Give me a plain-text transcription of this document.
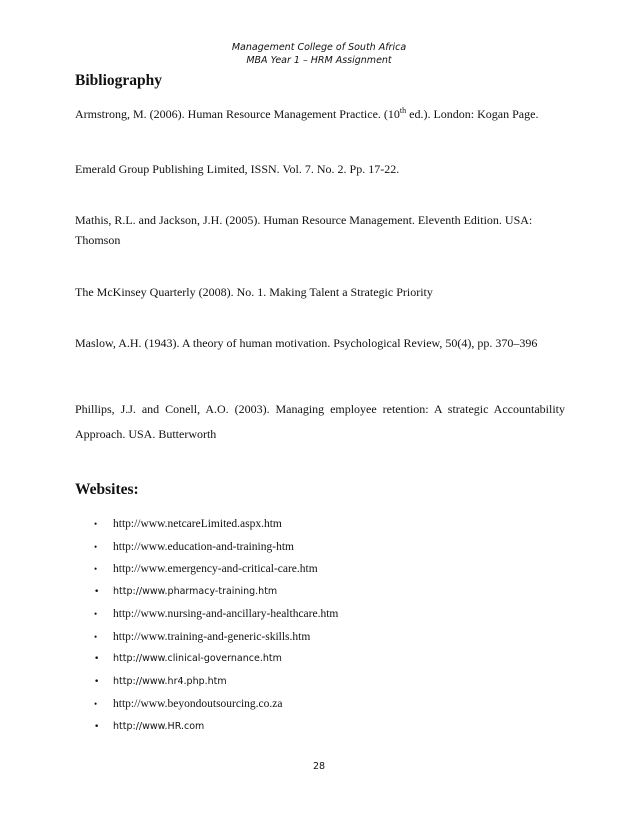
Management College of South Africa
MBA Year 1 – HRM Assignment
Bibliography
Armstrong, M. (2006). Human Resource Management Practice. (10th ed.). London: Kogan Page.
Emerald Group Publishing Limited, ISSN. Vol. 7. No. 2. Pp. 17-22.
Mathis, R.L. and Jackson, J.H. (2005). Human Resource Management. Eleventh Edition. USA:
Thomson
The McKinsey Quarterly (2008). No. 1. Making Talent a Strategic Priority
Maslow, A.H. (1943). A theory of human motivation. Psychological Review, 50(4), pp. 370–396
Phillips, J.J. and Conell, A.O. (2003). Managing employee retention: A strategic Accountability Approach. USA. Butterworth
Websites:
• http://www.netcareLimited.aspx.htm
• http://www.education-and-training-htm
• http://www.emergency-and-critical-care.htm
• http://www.pharmacy-training.htm
• http://www.nursing-and-ancillary-healthcare.htm
• http://www.training-and-generic-skills.htm
• http://www.clinical-governance.htm
• http://www.hr4.php.htm
• http://www.beyondoutsourcing.co.za
• http://www.HR.com
28
